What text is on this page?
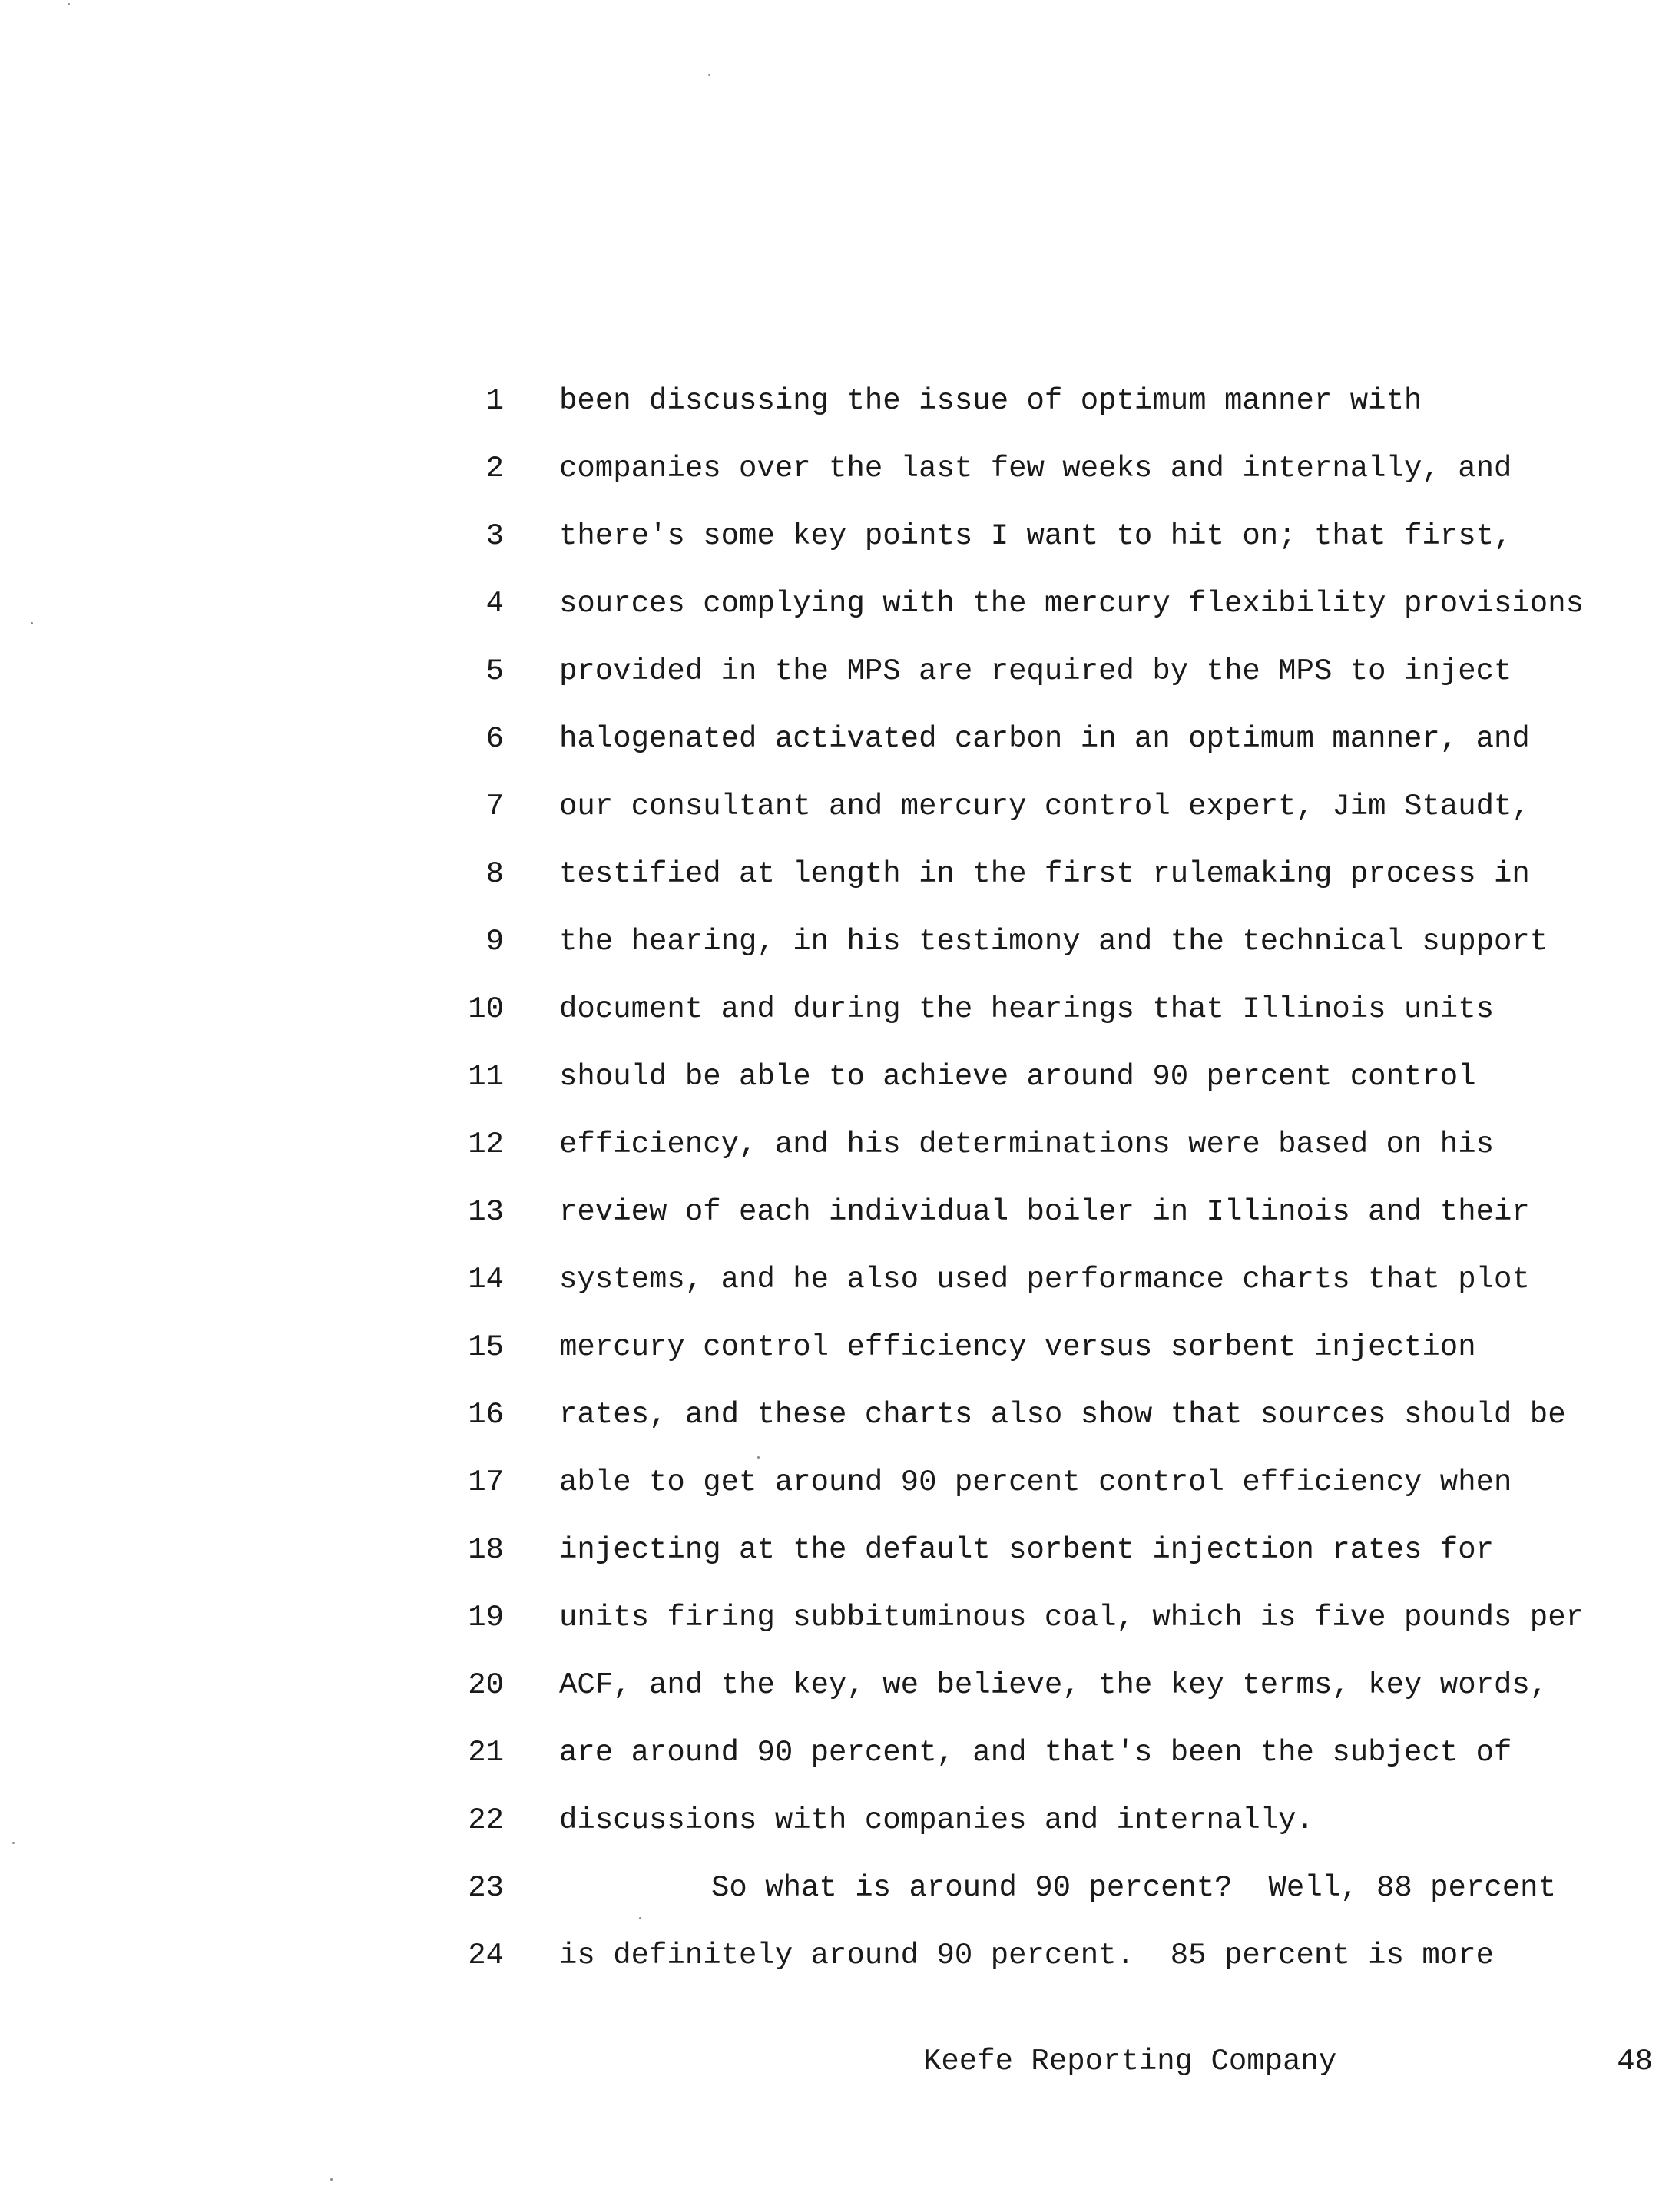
1 been discussing the issue of optimum manner with
2 companies over the last few weeks and internally, and
3 there's some key points I want to hit on; that first,
4 sources complying with the mercury flexibility provisions
5 provided in the MPS are required by the MPS to inject
6 halogenated activated carbon in an optimum manner, and
7 our consultant and mercury control expert, Jim Staudt,
8 testified at length in the first rulemaking process in
9 the hearing, in his testimony and the technical support
10 document and during the hearings that Illinois units
11 should be able to achieve around 90 percent control
12 efficiency, and his determinations were based on his
13 review of each individual boiler in Illinois and their
14 systems, and he also used performance charts that plot
15 mercury control efficiency versus sorbent injection
16 rates, and these charts also show that sources should be
17 able to get around 90 percent control efficiency when
18 injecting at the default sorbent injection rates for
19 units firing subbituminous coal, which is five pounds per
20 ACF, and the key, we believe, the key terms, key words,
21 are around 90 percent, and that's been the subject of
22 discussions with companies and internally.
23	So what is around 90 percent?  Well, 88 percent
24 is definitely around 90 percent.  85 percent is more
Keefe Reporting Company	48
